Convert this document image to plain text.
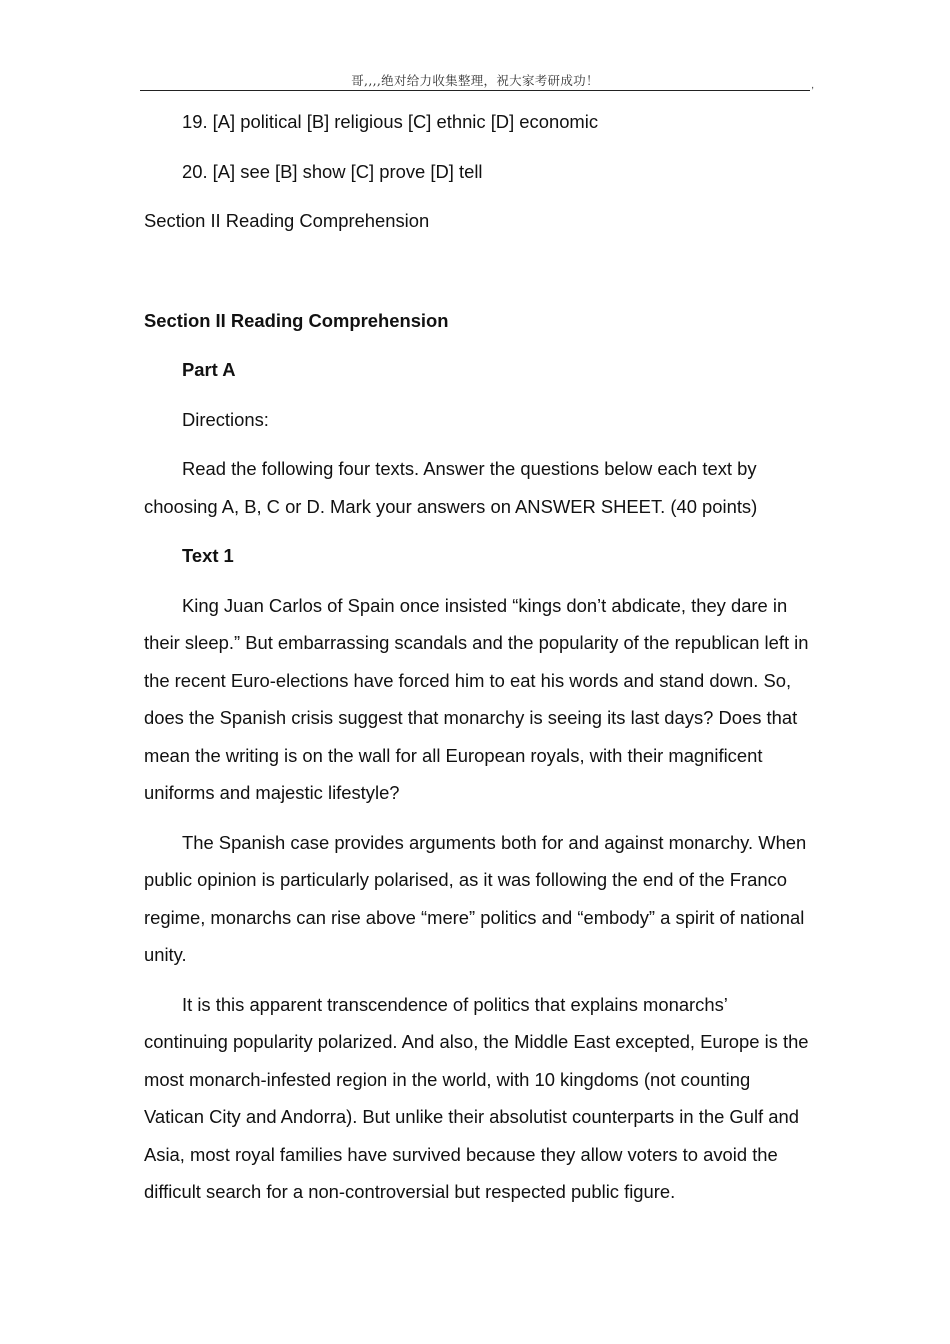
哥,,,,绝对给力收集整理，祝大家考研成功！	,

19. [A] political [B] religious [C] ethnic [D] economic

20. [A] see [B] show [C] prove [D] tell

Section II Reading Comprehension

Section II Reading Comprehension

Part A

Directions:

Read the following four texts. Answer the questions below each text by choosing A, B, C or D. Mark your answers on ANSWER SHEET. (40 points)

Text 1

King Juan Carlos of Spain once insisted “kings don’t abdicate, they dare in their sleep.” But embarrassing scandals and the popularity of the republican left in the recent Euro-elections have forced him to eat his words and stand down. So, does the Spanish crisis suggest that monarchy is seeing its last days? Does that mean the writing is on the wall for all European royals, with their magnificent uniforms and majestic lifestyle?

The Spanish case provides arguments both for and against monarchy. When public opinion is particularly polarised, as it was following the end of the Franco regime, monarchs can rise above “mere” politics and “embody” a spirit of national unity.

It is this apparent transcendence of politics that explains monarchs’ continuing popularity polarized. And also, the Middle East excepted, Europe is the most monarch-infested region in the world, with 10 kingdoms (not counting Vatican City and Andorra). But unlike their absolutist counterparts in the Gulf and Asia, most royal families have survived because they allow voters to avoid the difficult search for a non-controversial but respected public figure.
